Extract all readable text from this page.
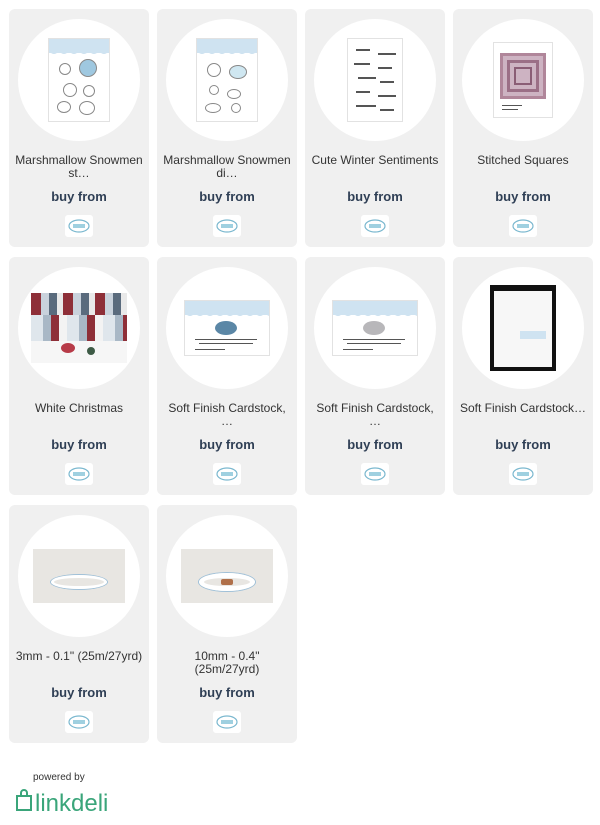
Marshmallow Snowmen st…
buy from
Marshmallow Snowmen di…
buy from
Cute Winter Sentiments
buy from
Stitched Squares
buy from
White Christmas
buy from
Soft Finish Cardstock, …
buy from
Soft Finish Cardstock, …
buy from
Soft Finish Cardstock…
buy from
3mm - 0.1" (25m/27yrd)
buy from
10mm - 0.4" (25m/27yrd)
buy from
powered by
linkdeli
